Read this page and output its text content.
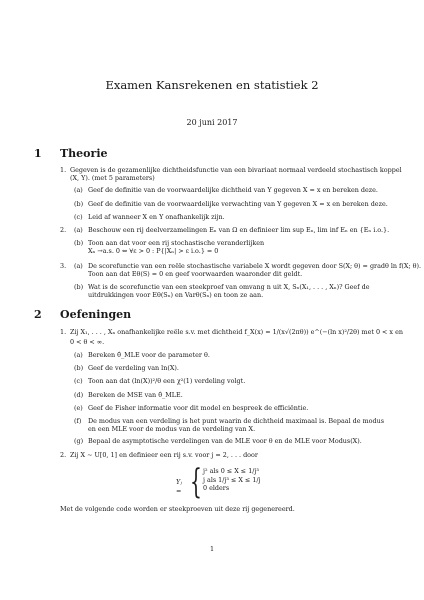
Examen Kansrekenen en statistiek 2
20 juni 2017
1 Theorie
1. Gegeven is de gezamenlijke dichtheidsfunctie van een bivariaat normaal verdeeld stochastisch koppel
(X, Y). (met 5 parameters)
(a) Geef de definitie van de voorwaardelijke dichtheid van Y gegeven X = x en bereken deze.
(b) Geef de definitie van de voorwaardelijke verwachting van Y gegeven X = x en bereken deze.
(c) Leid af wanneer X en Y onafhankelijk zijn.
2. (a) Beschouw een rij deelverzamelingen Eₙ van Ω en definieer lim sup Eₙ, lim inf Eₙ en {Eₙ i.o.}.
(b) Toon aan dat voor een rij stochastische veranderlijken
Xₙ →a.s. 0 ⇔ ∀ε > 0 : P{|Xₙ| > ε i.o.} = 0
3. (a) De scorefunctie van een reële stochastische variabele X wordt gegeven door S(X; θ) = gradθ ln f(X; θ).
Toon aan dat Eθ(S) = 0 en geef voorwaarden waaronder dit geldt.
(b) Wat is de scorefunctie van een steekproef van omvang n uit X, Sₙ(X₁, . . . , Xₙ)? Geef de
uitdrukkingen voor Eθ(Sₙ) en Varθ(Sₙ) en toon ze aan.
2 Oefeningen
1. Zij X₁, . . . , Xₙ onafhankelijke reële s.v. met dichtheid f_X(x) = 1/(x√(2πθ)) e^(−(ln x)²/2θ) met 0 < x en
0 < θ < ∞.
(a) Bereken θ̂_MLE voor de parameter θ.
(b) Geef de verdeling van ln(X).
(c) Toon aan dat (ln(X))²/θ een χ²(1) verdeling volgt.
(d) Bereken de MSE van θ̂_MLE.
(e) Geef de Fisher informatie voor dit model en bespreek de efficiëntie.
(f) De modus van een verdeling is het punt waarin de dichtheid maximaal is. Bepaal de modus
en een MLE voor de modus van de verdeling van X.
(g) Bepaal de asymptotische verdelingen van de MLE voor θ en de MLE voor Modus(X).
2. Zij X ∼ U[0, 1] en definieer een rij s.v. voor j = 2, . . . door
Yⱼ = { j² als 0 ≤ X ≤ 1/j³
j als 1/j³ ≤ X ≤ 1/j
0 elders
Met de volgende code worden er steekproeven uit deze rij gegenereerd.
1
